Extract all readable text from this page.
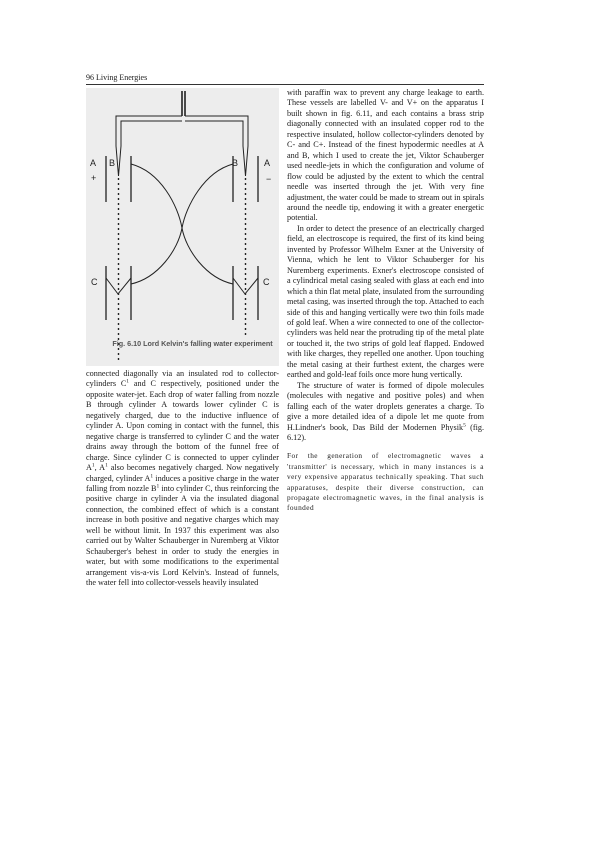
96 Living Energies
A B
+
B	A
−
C	C
Fig. 6.10 Lord Kelvin's falling water experiment

connected diagonally via an insulated rod to collector-cylinders $C^1$ and C respectively, positioned under the opposite water-jet. Each drop of water falling from nozzle B through cylinder A towards lower cylinder C is negatively charged, due to the inductive influence of cylinder A. Upon coming in contact with the funnel, this negative charge is transferred to cylinder C and the water drains away through the bottom of the funnel free of charge. Since cylinder C is connected to upper cylinder $A^1$, $A^1$ also becomes negatively charged. Now negatively charged, cylinder $A^1$ induces a positive charge in the water falling from nozzle $B^1$ into cylinder C, thus reinforcing the positive charge in cylinder A via the insulated diagonal connection, the combined effect of which is a constant increase in both positive and negative charges which may well be without limit. In 1937 this experiment was also carried out by Walter Schauberger in Nuremberg at Viktor Schauberger's behest in order to study the energies in water, but with some modifications to the experimental arrangement vis-a-vis Lord Kelvin's. Instead of funnels, the water fell into collector-vessels heavily insulated

with paraffin wax to prevent any charge leakage to earth. These vessels are labelled V- and V+ on the apparatus I built shown in fig. 6.11, and each contains a brass strip diagonally connected with an insulated copper rod to the respective insulated, hollow collector-cylinders denoted by C- and C+. Instead of the finest hypodermic needles at A and B, which I used to create the jet, Viktor Schauberger used needle-jets in which the configuration and volume of flow could be adjusted by the extent to which the central needle was inserted through the jet. With very fine adjustment, the water could be made to stream out in spirals around the needle tip, endowing it with a greater energetic potential.

In order to detect the presence of an electrically charged field, an electroscope is required, the first of its kind being invented by Professor Wilhelm Exner at the University of Vienna, which he lent to Viktor Schauberger for his Nuremberg experiments. Exner's electroscope consisted of a cylindrical metal casing sealed with glass at each end into which a thin flat metal plate, insulated from the surrounding metal casing, was inserted through the top. Attached to each side of this and hanging vertically were two thin foils made of gold leaf. When a wire connected to one of the collector-cylinders was held near the protruding tip of the metal plate or touched it, the two strips of gold leaf flapped. Endowed with like charges, they repelled one another. Upon touching the metal casing at their furthest extent, the charges were earthed and gold-leaf foils once more hung vertically.

The structure of water is formed of dipole molecules (molecules with negative and positive poles) and when falling each of the water droplets generates a charge. To give a more detailed idea of a dipole let me quote from H.Lindner's book, Das Bild der Modernen Physik$^5$ (fig. 6.12).

For the generation of electromagnetic waves a 'transmitter' is necessary, which in many instances is a very expensive apparatus technically speaking. That such apparatuses, despite their diverse construction, can propagate electromagnetic waves, in the final analysis is founded
